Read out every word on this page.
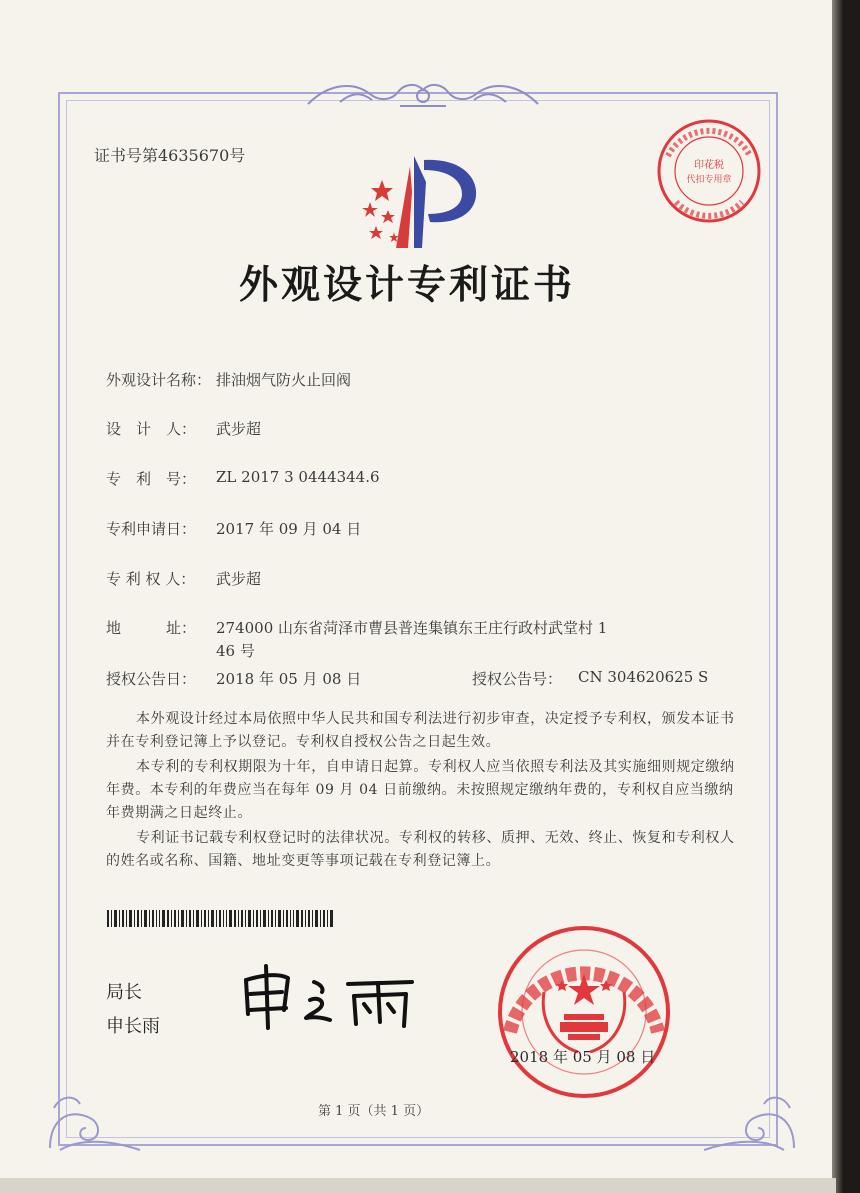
证书号第4635670号
印花税
代扣专用章
外观设计专利证书
外观设计名称： 排油烟气防火止回阀
设　计　人： 武步超
专　利　号： ZL 2017 3 0444344.6
专利申请日： 2017 年 09 月 04 日
专 利 权 人： 武步超
地　　　址： 274000 山东省菏泽市曹县普连集镇东王庄行政村武堂村 1
46 号
授权公告日： 2018 年 05 月 08 日	授权公告号： CN 304620625 S
本外观设计经过本局依照中华人民共和国专利法进行初步审查，决定授予专利权，颁发本证书并在专利登记簿上予以登记。专利权自授权公告之日起生效。
本专利的专利权期限为十年，自申请日起算。专利权人应当依照专利法及其实施细则规定缴纳年费。本专利的年费应当在每年 09 月 04 日前缴纳。未按照规定缴纳年费的，专利权自应当缴纳年费期满之日起终止。
专利证书记载专利权登记时的法律状况。专利权的转移、质押、无效、终止、恢复和专利权人的姓名或名称、国籍、地址变更等事项记载在专利登记簿上。
局长
申长雨
2018 年 05 月 08 日
第 1 页（共 1 页）
